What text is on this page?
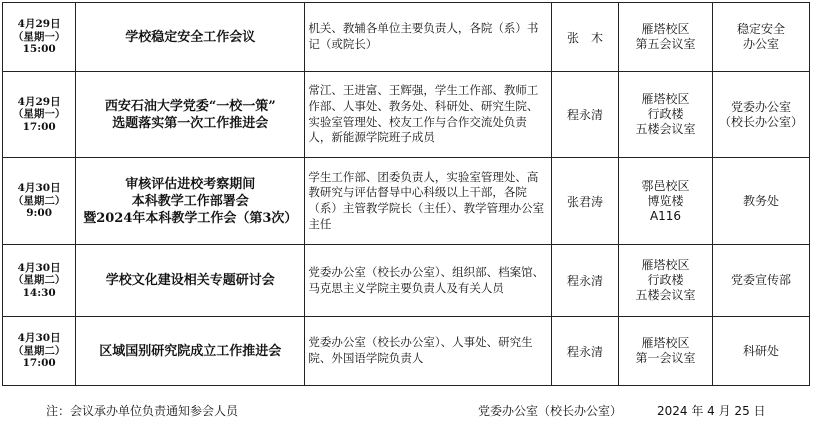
4月29日
（星期一）
15:00	学校稳定安全工作会议	机关、教辅各单位主要负责人，各院（系）书记（或院长）	张　木	雁塔校区
第五会议室	稳定安全
办公室

4月29日
（星期一）
17:00	西安石油大学党委“一校一策”
选题落实第一次工作推进会	常江、王进富、王辉强，学生工作部、教师工作部、人事处、教务处、科研处、研究生院、实验室管理处、校友工作与合作交流处负责人，新能源学院班子成员	程永清	雁塔校区
行政楼
五楼会议室	党委办公室
（校长办公室）

4月30日
（星期二）
9:00	审核评估进校考察期间
本科教学工作部署会
暨2024年本科教学工作会（第3次）	学生工作部、团委负责人，实验室管理处、高教研究与评估督导中心科级以上干部，各院（系）主管教学院长（主任）、教学管理办公室主任	张君涛	鄠邑校区
博览楼
A116	教务处

4月30日
（星期二）
14:30	学校文化建设相关专题研讨会	党委办公室（校长办公室）、组织部、档案馆、马克思主义学院主要负责人及有关人员	程永清	雁塔校区
行政楼
五楼会议室	党委宣传部

4月30日
（星期二）
17:00	区域国别研究院成立工作推进会	党委办公室（校长办公室）、人事处、研究生院、外国语学院负责人	程永清	雁塔校区
第一会议室	科研处
注：会议承办单位负责通知参会人员	党委办公室（校长办公室）	2024 年 4 月 25 日
